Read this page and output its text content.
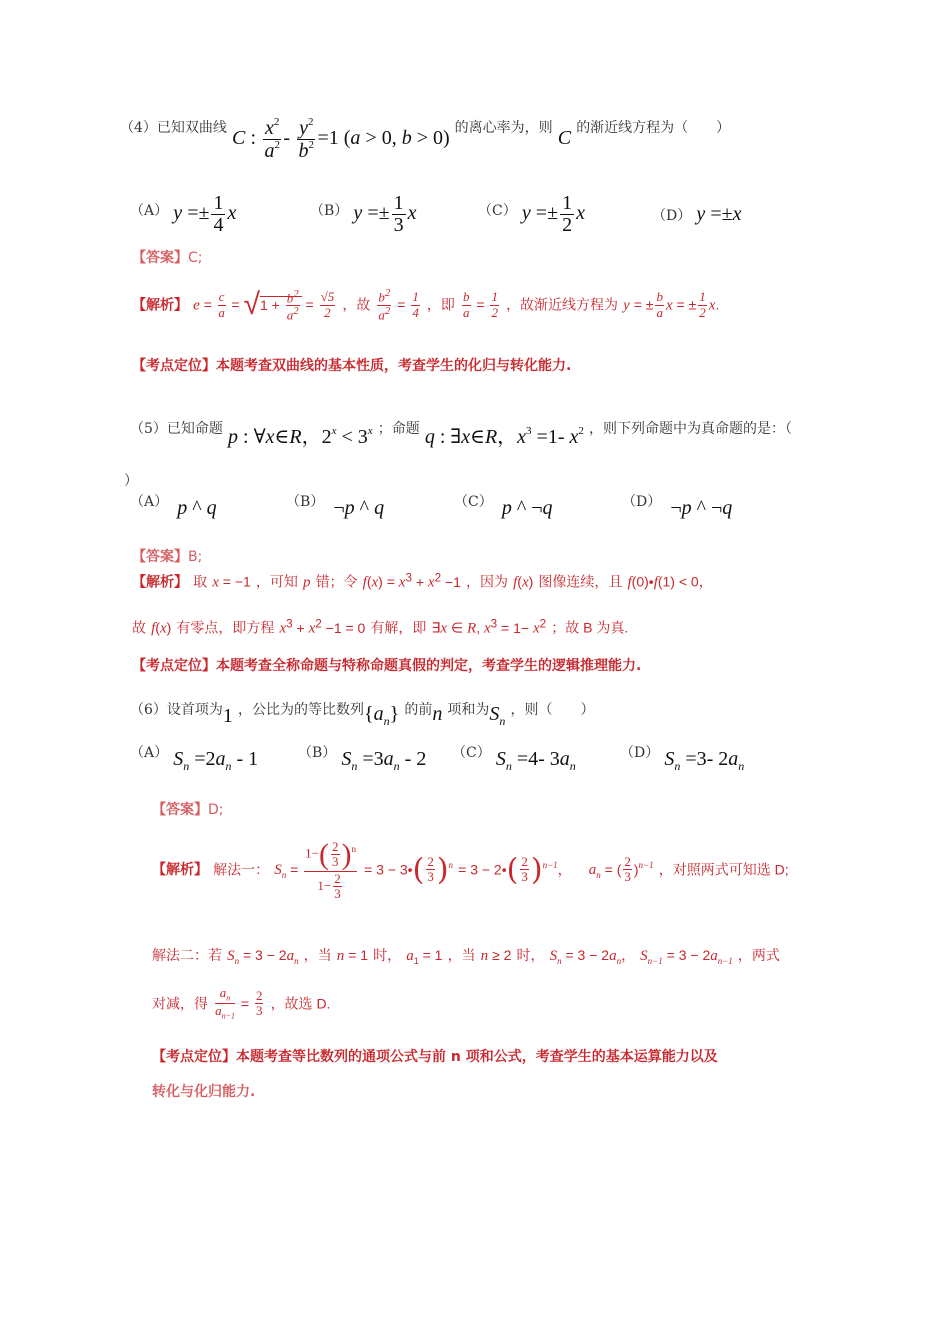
（4）已知双曲线 C : $\frac{x^2}{a^2} - \frac{y^2}{b^2} =1$ (a > 0, b > 0) 的离心率为，则 C 的渐近线方程为（　　）
（A） $y =\pm \frac{1}{4}$ x	（B） $y =\pm \frac{1}{3}$ x	（C） $y =\pm \frac{1}{2}$ x	（D） y =±x
【答案】C;
【解析】 $e = \frac{c}{a} = √1 + \frac{b^2}{a^2} = \frac{√5}{2}$ ，故 $\frac{b^2}{a^2} = \frac{1}{4}$ ，即 $\frac{b}{a} = \frac{1}{2}$ ，故渐近线方程为 y = ± $\frac{b}{a}$ x = ± $\frac{1}{2} x$.
【考点定位】本题考查双曲线的基本性质，考查学生的化归与转化能力.
（5）已知命题 p : ∀x∈R，$2^x < 3^x$ ；命题 q : ∃x∈R，$x^3 =1-$ $x^2$ ，则下列命题中为真命题的是：（
）
（A） p ^ q	（B） ¬p ^ q	（C） p ^ ¬q	（D） ¬p ^ ¬q
【答案】B;
【解析】 取 x = −1 ，可知 p 错；令 $f(x) = x^3 + x^2 -1$ ，因为 f(x) 图像连续，且 f(0)•f(1) < 0，
故 f(x) 有零点，即方程 $x^3 + x^2 -1 = 0$ 有解，即 ∃x ∈ R, $x^3 = 1- x^2$ ；故 B 为真.
【考点定位】本题考查全称命题与特称命题真假的判定，考查学生的逻辑推理能力.
（6）设首项为1 ，公比为的等比数列$\{a_n\}$ 的前n 项和为$S_n$ ，则（　　）
（A） $S_n =2a_n - 1$	（B） $S_n =3a_n - 2$ （C） $S_n =4-$ $3a_n$
（D） $S_n =3-$ $2a_n$
【答案】D;
【解析】 解法一： $S_n = \frac{1-( \frac{2}{3} )^n}{1- \frac{2}{3}} = 3$ − 3•( $\frac{2}{3} )^n = 3$ − 2•( $\frac{2}{3} )^{n-1}$， $a_n$ = ( $\frac{2}{3} )^{n-1}$ ，对照两式可知选 D;
解法二：若 $S_n = 3 - 2a_n$ ，当 n = 1 时， $a_1 = 1$ ，当 n ≥ 2 时， $S_n = 3 - 2a_n$， $S_{n-1} = 3 - 2a_{n-1}$ ，两式
对减，得 $\frac{a_n}{a_{n-1}} = \frac{2}{3}$ ，故选 D.
【考点定位】本题考查等比数列的通项公式与前 n 项和公式，考查学生的基本运算能力以及
转化与化归能力.
